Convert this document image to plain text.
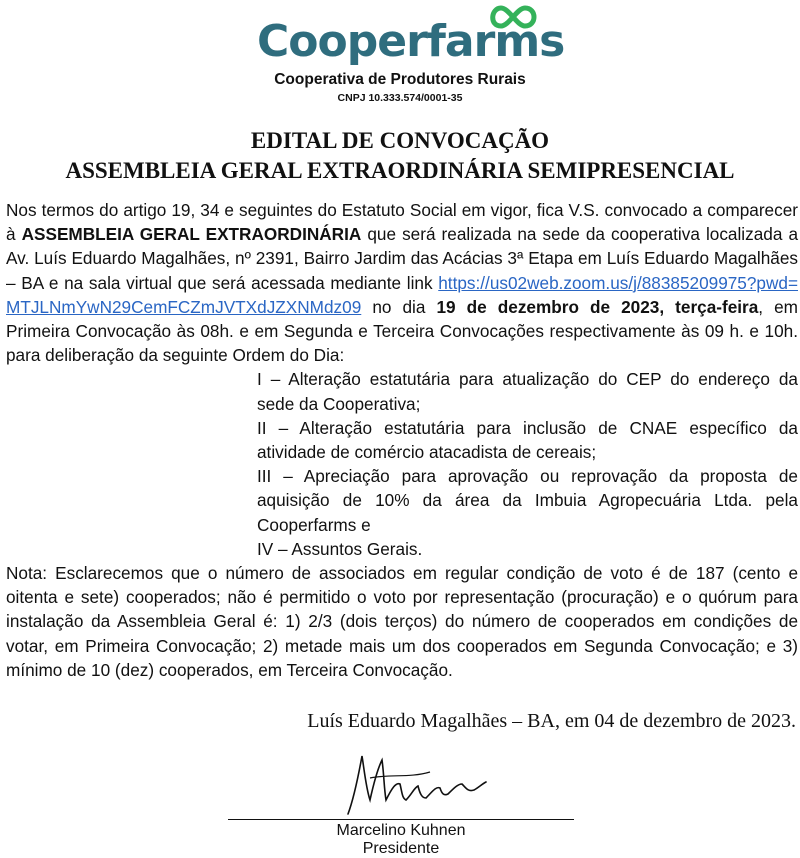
Cooperfarms
Cooperativa de Produtores Rurais
CNPJ 10.333.574/0001-35
EDITAL DE CONVOCAÇÃO
ASSEMBLEIA GERAL EXTRAORDINÁRIA SEMIPRESENCIAL

Nos termos do artigo 19, 34 e seguintes do Estatuto Social em vigor, fica V.S. convocado a comparecer à ASSEMBLEIA GERAL EXTRAORDINÁRIA que será realizada na sede da cooperativa localizada a Av. Luís Eduardo Magalhães, nº 2391, Bairro Jardim das Acácias 3ª Etapa em Luís Eduardo Magalhães – BA e na sala virtual que será acessada mediante link https://us02web.zoom.us/j/88385209975?pwd=MTJLNmYwN29CemFCZmJVTXdJZXNMdz09 no dia 19 de dezembro de 2023, terça-feira, em Primeira Convocação às 08h. e em Segunda e Terceira Convocações respectivamente às 09 h. e 10h. para deliberação da seguinte Ordem do Dia:

I – Alteração estatutária para atualização do CEP do endereço da sede da Cooperativa;
II – Alteração estatutária para inclusão de CNAE específico da atividade de comércio atacadista de cereais;
III – Apreciação para aprovação ou reprovação da proposta de aquisição de 10% da área da Imbuia Agropecuária Ltda. pela Cooperfarms e
IV – Assuntos Gerais.

Nota: Esclarecemos que o número de associados em regular condição de voto é de 187 (cento e oitenta e sete) cooperados; não é permitido o voto por representação (procuração) e o quórum para instalação da Assembleia Geral é: 1) 2/3 (dois terços) do número de cooperados em condições de votar, em Primeira Convocação; 2) metade mais um dos cooperados em Segunda Convocação; e 3) mínimo de 10 (dez) cooperados, em Terceira Convocação.

Luís Eduardo Magalhães – BA, em 04 de dezembro de 2023.
Marcelino Kuhnen
Presidente
